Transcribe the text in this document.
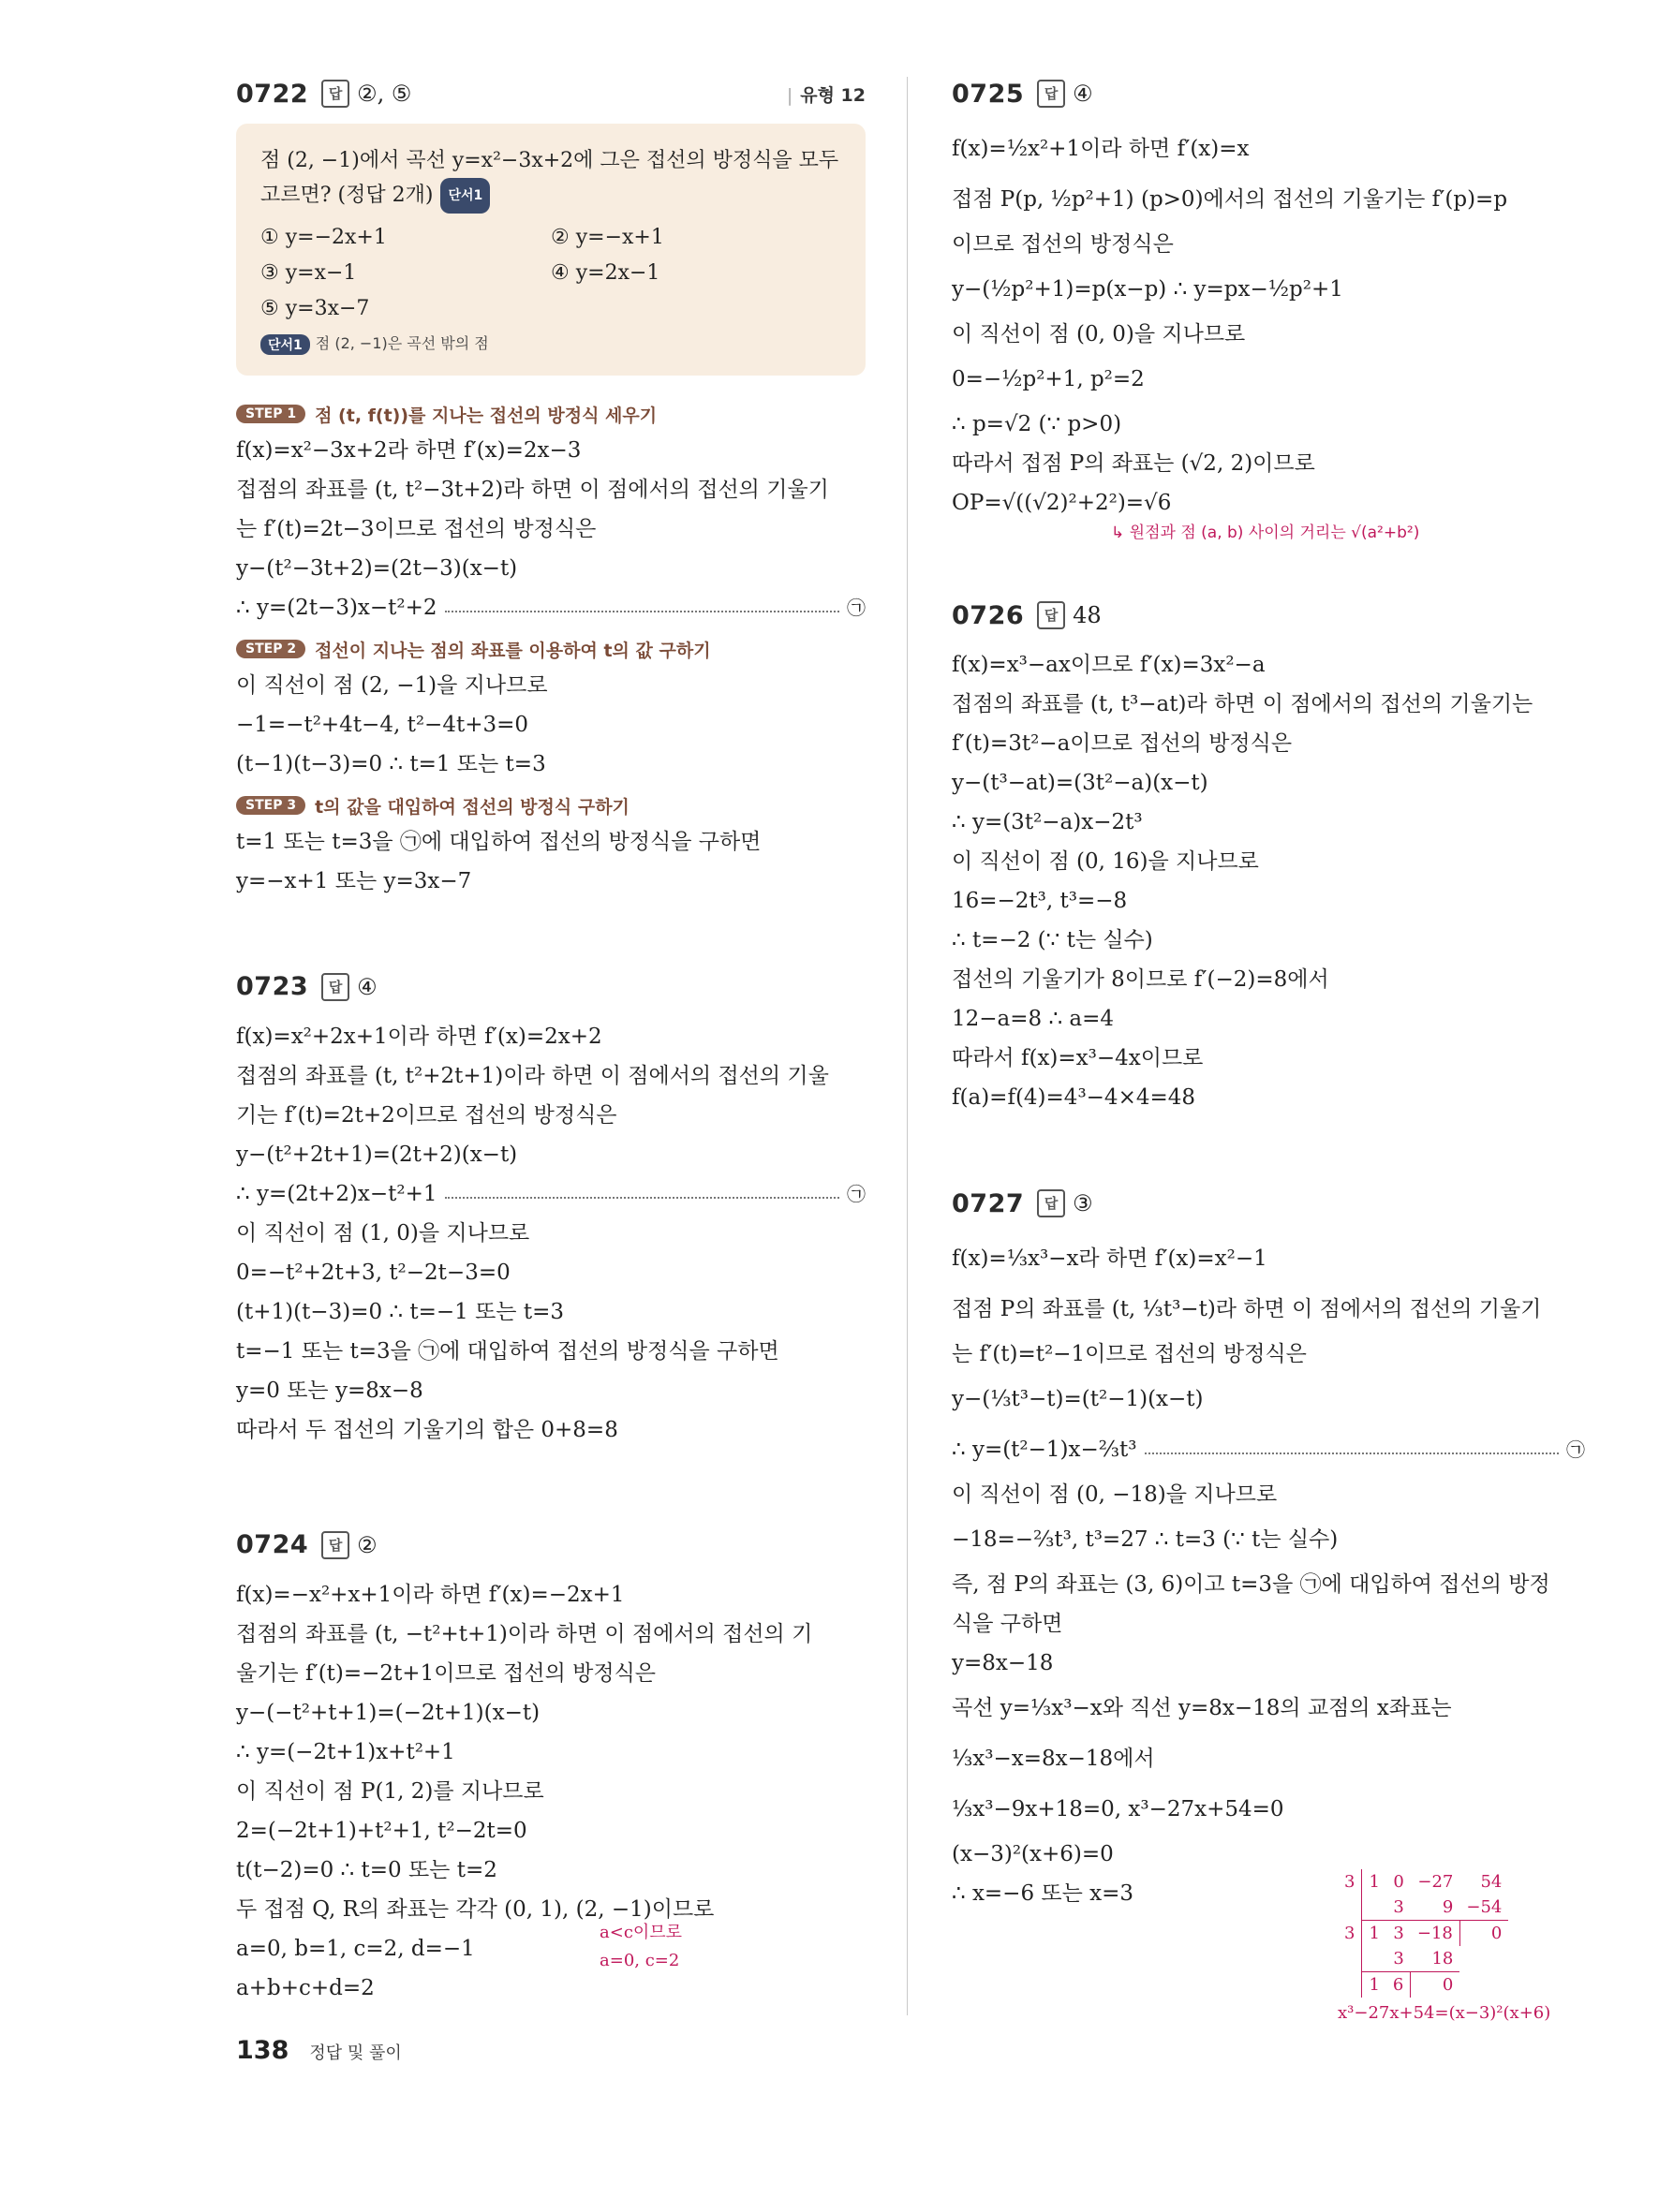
0722	답 ②, ⑤	| 유형 12
점 (2, −1)에서 곡선 y=x²−3x+2에 그은 접선의 방정식을 모두 고르면? (정답 2개) 단서1
① y=−2x+1	② y=−x+1
③ y=x−1	④ y=2x−1
⑤ y=3x−7
단서1 점 (2, −1)은 곡선 밖의 점
STEP 1	점 (t, f(t))를 지나는 접선의 방정식 세우기
f(x)=x²−3x+2라 하면 f′(x)=2x−3
접점의 좌표를 (t, t²−3t+2)라 하면 이 점에서의 접선의 기울기
는 f′(t)=2t−3이므로 접선의 방정식은
y−(t²−3t+2)=(2t−3)(x−t)
∴ y=(2t−3)x−t²+2	㉠
STEP 2	접선이 지나는 점의 좌표를 이용하여 t의 값 구하기
이 직선이 점 (2, −1)을 지나므로
−1=−t²+4t−4, t²−4t+3=0
(t−1)(t−3)=0 ∴ t=1 또는 t=3
STEP 3	t의 값을 대입하여 접선의 방정식 구하기
t=1 또는 t=3을 ㉠에 대입하여 접선의 방정식을 구하면
y=−x+1 또는 y=3x−7
0723	답 ④
f(x)=x²+2x+1이라 하면 f′(x)=2x+2
접점의 좌표를 (t, t²+2t+1)이라 하면 이 점에서의 접선의 기울
기는 f′(t)=2t+2이므로 접선의 방정식은
y−(t²+2t+1)=(2t+2)(x−t)
∴ y=(2t+2)x−t²+1	㉠
이 직선이 점 (1, 0)을 지나므로
0=−t²+2t+3, t²−2t−3=0
(t+1)(t−3)=0 ∴ t=−1 또는 t=3
t=−1 또는 t=3을 ㉠에 대입하여 접선의 방정식을 구하면
y=0 또는 y=8x−8
따라서 두 접선의 기울기의 합은 0+8=8
0724	답 ②
f(x)=−x²+x+1이라 하면 f′(x)=−2x+1
접점의 좌표를 (t, −t²+t+1)이라 하면 이 점에서의 접선의 기
울기는 f′(t)=−2t+1이므로 접선의 방정식은
y−(−t²+t+1)=(−2t+1)(x−t)
∴ y=(−2t+1)x+t²+1
이 직선이 점 P(1, 2)를 지나므로
2=(−2t+1)+t²+1, t²−2t=0
t(t−2)=0 ∴ t=0 또는 t=2
두 접점 Q, R의 좌표는 각각 (0, 1), (2, −1)이므로
a=0, b=1, c=2, d=−1
a<c이므로
a=0, c=2
a+b+c+d=2
0725	답 ④
f(x)=½x²+1이라 하면 f′(x)=x
접점 P(p, ½p²+1) (p>0)에서의 접선의 기울기는 f′(p)=p
이므로 접선의 방정식은
y−(½p²+1)=p(x−p) ∴ y=px−½p²+1
이 직선이 점 (0, 0)을 지나므로
0=−½p²+1, p²=2
∴ p=√2 (∵ p>0)
따라서 접점 P의 좌표는 (√2, 2)이므로
OP=√((√2)²+2²)=√6
↳ 원점과 점 (a, b) 사이의 거리는 √(a²+b²)
0726	답 48
f(x)=x³−ax이므로 f′(x)=3x²−a
접점의 좌표를 (t, t³−at)라 하면 이 점에서의 접선의 기울기는
f′(t)=3t²−a이므로 접선의 방정식은
y−(t³−at)=(3t²−a)(x−t)
∴ y=(3t²−a)x−2t³
이 직선이 점 (0, 16)을 지나므로
16=−2t³, t³=−8
∴ t=−2 (∵ t는 실수)
접선의 기울기가 8이므로 f′(−2)=8에서
12−a=8 ∴ a=4
따라서 f(x)=x³−4x이므로
f(a)=f(4)=4³−4×4=48
0727	답 ③
f(x)=⅓x³−x라 하면 f′(x)=x²−1
접점 P의 좌표를 (t, ⅓t³−t)라 하면 이 점에서의 접선의 기울기
는 f′(t)=t²−1이므로 접선의 방정식은
y−(⅓t³−t)=(t²−1)(x−t)
∴ y=(t²−1)x−⅔t³	㉠
이 직선이 점 (0, −18)을 지나므로
−18=−⅔t³, t³=27 ∴ t=3 (∵ t는 실수)
즉, 점 P의 좌표는 (3, 6)이고 t=3을 ㉠에 대입하여 접선의 방정
식을 구하면
y=8x−18
곡선 y=⅓x³−x와 직선 y=8x−18의 교점의 x좌표는
⅓x³−x=8x−18에서
⅓x³−9x+18=0, x³−27x+54=0
(x−3)²(x+6)=0
∴ x=−6 또는 x=3	3	1	0	−27	54
		3	9	−54
3	1	3	−18	0
		3	18	
	1	6	0	
x³−27x+54=(x−3)²(x+6)
138 정답 및 풀이
